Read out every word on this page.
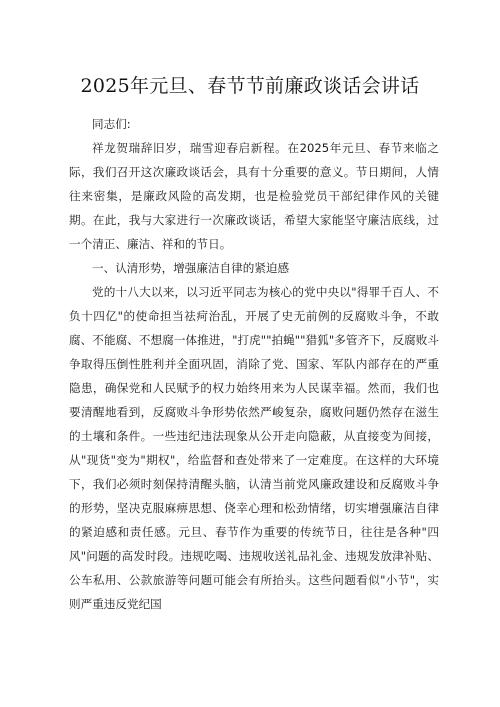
2025年元旦、春节节前廉政谈话会讲话

同志们:

祥龙贺瑞辞旧岁，瑞雪迎春启新程。在2025年元旦、春节来临之际，我们召开这次廉政谈话会，具有十分重要的意义。节日期间，人情往来密集，是廉政风险的高发期，也是检验党员干部纪律作风的关键期。在此，我与大家进行一次廉政谈话，希望大家能坚守廉洁底线，过一个清正、廉洁、祥和的节日。

一、认清形势，增强廉洁自律的紧迫感

党的十八大以来，以习近平同志为核心的党中央以"得罪千百人、不负十四亿"的使命担当祛疴治乱，开展了史无前例的反腐败斗争，不敢腐、不能腐、不想腐一体推进，"打虎""拍蝇""猎狐"多管齐下，反腐败斗争取得压倒性胜利并全面巩固，消除了党、国家、军队内部存在的严重隐患，确保党和人民赋予的权力始终用来为人民谋幸福。然而，我们也要清醒地看到，反腐败斗争形势依然严峻复杂，腐败问题仍然存在滋生的土壤和条件。一些违纪违法现象从公开走向隐蔽，从直接变为间接，从"现货"变为"期权"，给监督和查处带来了一定难度。在这样的大环境下，我们必须时刻保持清醒头脑，认清当前党风廉政建设和反腐败斗争的形势，坚决克服麻痹思想、侥幸心理和松劲情绪，切实增强廉洁自律的紧迫感和责任感。元旦、春节作为重要的传统节日，往往是各种"四风"问题的高发时段。违规吃喝、违规收送礼品礼金、违规发放津补贴、公车私用、公款旅游等问题可能会有所抬头。这些问题看似"小节"，实则严重违反党纪国
